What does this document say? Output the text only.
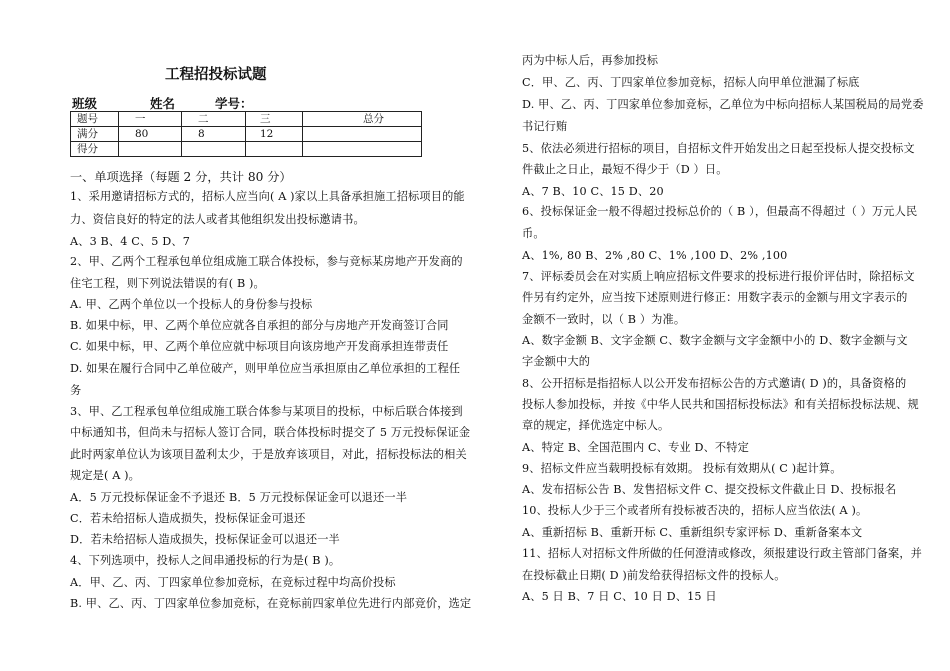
工程招投标试题
班级	姓名	学号：
题号	一	二	三	总分
满分	80	8	12	
得分				
一、单项选择（每题 2 分，共计 80 分）
1、采用邀请招标方式的，招标人应当向( A )家以上具备承担施工招标项目的能
力、资信良好的特定的法人或者其他组织发出投标邀请书。
A、3 B、4 C、5 D、7
2、甲、乙两个工程承包单位组成施工联合体投标，参与竞标某房地产开发商的
住宅工程，则下列说法错误的有( B )。
A. 甲、乙两个单位以一个投标人的身份参与投标
B. 如果中标，甲、乙两个单位应就各自承担的部分与房地产开发商签订合同
C. 如果中标，甲、乙两个单位应就中标项目向该房地产开发商承担连带责任
D. 如果在履行合同中乙单位破产，则甲单位应当承担原由乙单位承担的工程任
务
3、甲、乙工程承包单位组成施工联合体参与某项目的投标，中标后联合体接到
中标通知书，但尚未与招标人签订合同，联合体投标时提交了 5 万元投标保证金
此时两家单位认为该项目盈利太少，于是放弃该项目，对此，招标投标法的相关
规定是( A )。
A．5 万元投标保证金不予退还 B．5 万元投标保证金可以退还一半
C．若未给招标人造成损失，投标保证金可退还
D．若未给招标人造成损失，投标保证金可以退还一半
4、下列选项中，投标人之间串通投标的行为是( B )。
A．甲、乙、丙、丁四家单位参加竞标，在竞标过程中均高价投标
B. 甲、乙、丙、丁四家单位参加竞标，在竞标前四家单位先进行内部竞价，选定
丙为中标人后，再参加投标
C．甲、乙、丙、丁四家单位参加竞标，招标人向甲单位泄漏了标底
D. 甲、乙、丙、丁四家单位参加竞标，乙单位为中标向招标人某国税局的局党委
书记行贿
5、依法必须进行招标的项目，自招标文件开始发出之日起至投标人提交投标文
件截止之日止，最短不得少于（D ）日。
A、7 B、10 C、15 D、20
6、投标保证金一般不得超过投标总价的（ B ），但最高不得超过（ ）万元人民
币。
A、1%, 80 B、2% ,80 C、1% ,100 D、2% ,100
7、评标委员会在对实质上响应招标文件要求的投标进行报价评估时，除招标文
件另有约定外，应当按下述原则进行修正：用数字表示的金额与用文字表示的
金额不一致时，以（ B ）为准。
A、数字金额 B、文字金额 C、数字金额与文字金额中小的 D、数字金额与文
字金额中大的
8、公开招标是指招标人以公开发布招标公告的方式邀请( D )的，具备资格的
投标人参加投标，并按《中华人民共和国招标投标法》和有关招标投标法规、规
章的规定，择优选定中标人。
A、特定 B、全国范围内 C、专业 D、不特定
9、招标文件应当载明投标有效期。 投标有效期从( C )起计算。
A、发布招标公告 B、发售招标文件 C、提交投标文件截止日 D、投标报名
10、投标人少于三个或者所有投标被否决的，招标人应当依法( A )。
A、重新招标 B、重新开标 C、重新组织专家评标 D、重新备案本文
11、招标人对招标文件所做的任何澄清或修改，须报建设行政主管部门备案，并
在投标截止日期( D )前发给获得招标文件的投标人。
A、5 日 B、7 日 C、10 日 D、15 日
